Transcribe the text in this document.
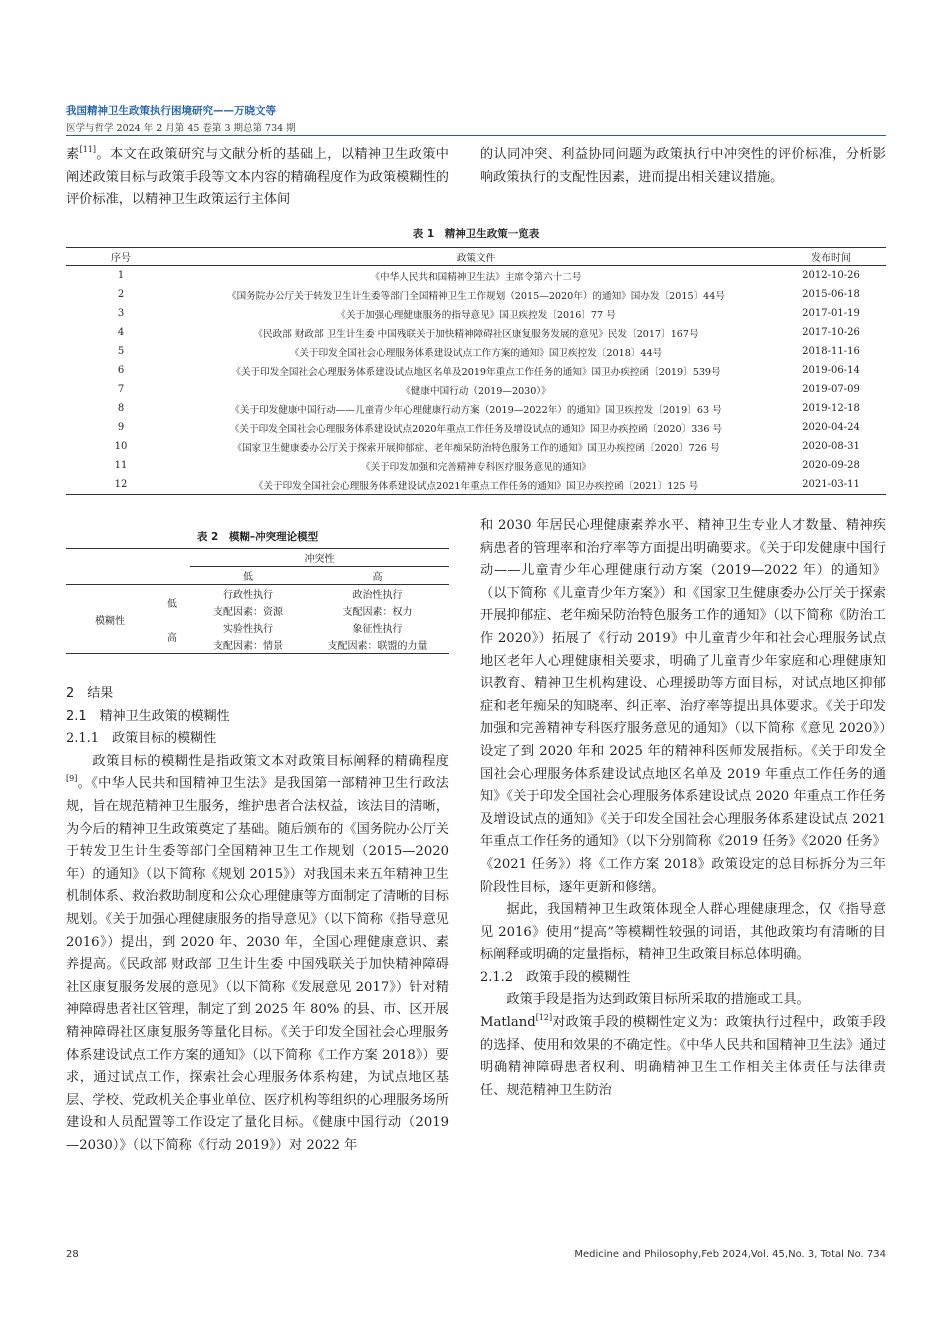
我国精神卫生政策执行困境研究——万晓文等
医学与哲学 2024 年 2 月第 45 卷第 3 期总第 734 期

素[11]。本文在政策研究与文献分析的基础上，以精神卫生政策中阐述政策目标与政策手段等文本内容的精确程度作为政策模糊性的评价标准，以精神卫生政策运行主体间

的认同冲突、利益协同问题为政策执行中冲突性的评价标准，分析影响政策执行的支配性因素，进而提出相关建议措施。

表 1　精神卫生政策一览表
序号	政策文件	发布时间
1	《中华人民共和国精神卫生法》主席令第六十二号	2012-10-26
2	《国务院办公厅关于转发卫生计生委等部门全国精神卫生工作规划（2015—2020年）的通知》国办发〔2015〕44号	2015-06-18
3	《关于加强心理健康服务的指导意见》国卫疾控发〔2016〕77 号	2017-01-19
4	《民政部 财政部 卫生计生委 中国残联关于加快精神障碍社区康复服务发展的意见》民发〔2017〕167号	2017-10-26
5	《关于印发全国社会心理服务体系建设试点工作方案的通知》国卫疾控发〔2018〕44号	2018-11-16
6	《关于印发全国社会心理服务体系建设试点地区名单及2019年重点工作任务的通知》国卫办疾控函〔2019〕539号	2019-06-14
7	《健康中国行动（2019—2030）》	2019-07-09
8	《关于印发健康中国行动——儿童青少年心理健康行动方案（2019—2022年）的通知》国卫疾控发〔2019〕63 号	2019-12-18
9	《关于印发全国社会心理服务体系建设试点2020年重点工作任务及增设试点的通知》国卫办疾控函〔2020〕336 号	2020-04-24
10	《国家卫生健康委办公厅关于探索开展抑郁症、老年痴呆防治特色服务工作的通知》国卫办疾控函〔2020〕726 号	2020-08-31
11	《关于印发加强和完善精神专科医疗服务意见的通知》	2020-09-28
12	《关于印发全国社会心理服务体系建设试点2021年重点工作任务的通知》国卫办疾控函〔2021〕125 号	2021-03-11
表 2　模糊–冲突理论模型
		冲突性	
		低	高
模糊性	低	行政性执行	政治性执行
		支配因素：资源	支配因素：权力
	高	实验性执行	象征性执行
		支配因素：情景	支配因素：联盟的力量

2　结果

2.1　精神卫生政策的模糊性

2.1.1　政策目标的模糊性

政策目标的模糊性是指政策文本对政策目标阐释的精确程度[9]。《中华人民共和国精神卫生法》是我国第一部精神卫生行政法规，旨在规范精神卫生服务，维护患者合法权益，该法目的清晰，为今后的精神卫生政策奠定了基础。随后颁布的《国务院办公厅关于转发卫生计生委等部门全国精神卫生工作规划（2015—2020 年）的通知》（以下简称《规划 2015》）对我国未来五年精神卫生机制体系、救治救助制度和公众心理健康等方面制定了清晰的目标规划。《关于加强心理健康服务的指导意见》（以下简称《指导意见 2016》）提出，到 2020 年、2030 年，全国心理健康意识、素养提高。《民政部 财政部 卫生计生委 中国残联关于加快精神障碍社区康复服务发展的意见》（以下简称《发展意见 2017》）针对精神障碍患者社区管理，制定了到 2025 年 80% 的县、市、区开展精神障碍社区康复服务等量化目标。《关于印发全国社会心理服务体系建设试点工作方案的通知》（以下简称《工作方案 2018》）要求，通过试点工作，探索社会心理服务体系构建，为试点地区基层、学校、党政机关企事业单位、医疗机构等组织的心理服务场所建设和人员配置等工作设定了量化目标。《健康中国行动（2019—2030）》（以下简称《行动 2019》）对 2022 年

和 2030 年居民心理健康素养水平、精神卫生专业人才数量、精神疾病患者的管理率和治疗率等方面提出明确要求。《关于印发健康中国行动——儿童青少年心理健康行动方案（2019—2022 年）的通知》（以下简称《儿童青少年方案》）和《国家卫生健康委办公厅关于探索开展抑郁症、老年痴呆防治特色服务工作的通知》（以下简称《防治工作 2020》）拓展了《行动 2019》中儿童青少年和社会心理服务试点地区老年人心理健康相关要求，明确了儿童青少年家庭和心理健康知识教育、精神卫生机构建设、心理援助等方面目标，对试点地区抑郁症和老年痴呆的知晓率、纠正率、治疗率等提出具体要求。《关于印发加强和完善精神专科医疗服务意见的通知》（以下简称《意见 2020》）设定了到 2020 年和 2025 年的精神科医师发展指标。《关于印发全国社会心理服务体系建设试点地区名单及 2019 年重点工作任务的通知》《关于印发全国社会心理服务体系建设试点 2020 年重点工作任务及增设试点的通知》《关于印发全国社会心理服务体系建设试点 2021 年重点工作任务的通知》（以下分别简称《2019 任务》《2020 任务》《2021 任务》）将《工作方案 2018》政策设定的总目标拆分为三年阶段性目标，逐年更新和修缮。

据此，我国精神卫生政策体现全人群心理健康理念，仅《指导意见 2016》使用“提高”等模糊性较强的词语，其他政策均有清晰的目标阐释或明确的定量指标，精神卫生政策目标总体明确。

2.1.2　政策手段的模糊性

政策手段是指为达到政策目标所采取的措施或工具。

Matland[12]对政策手段的模糊性定义为：政策执行过程中，政策手段的选择、使用和效果的不确定性。《中华人民共和国精神卫生法》通过明确精神障碍患者权利、明确精神卫生工作相关主体责任与法律责任、规范精神卫生防治

28	Medicine and Philosophy,Feb 2024,Vol. 45,No. 3, Total No. 734
